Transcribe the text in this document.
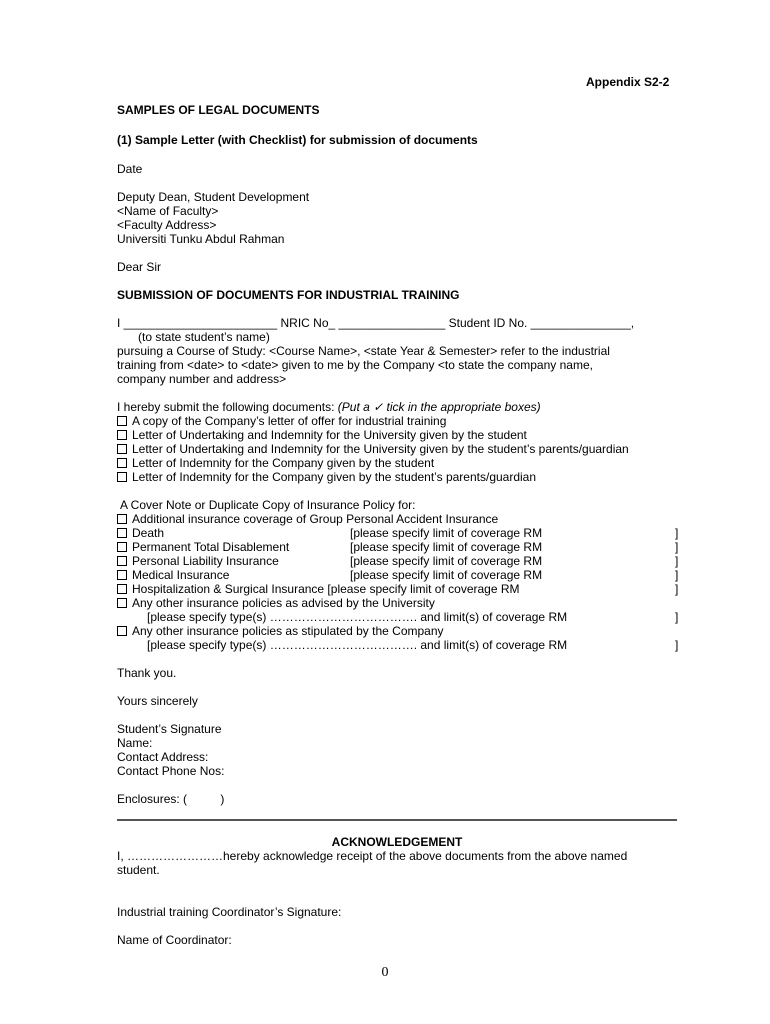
Appendix S2-2
SAMPLES OF LEGAL DOCUMENTS
(1) Sample Letter (with Checklist) for submission of documents
Date
Deputy Dean, Student Development
<Name of Faculty>
<Faculty Address>
Universiti Tunku Abdul Rahman
Dear Sir
SUBMISSION OF DOCUMENTS FOR INDUSTRIAL TRAINING
I _______________________ NRIC No_ ________________ Student ID No. _______________,
(to state student’s name)
pursuing a Course of Study: <Course Name>, <state Year & Semester> refer to the industrial
training from <date> to <date> given to me by the Company <to state the company name,
company number and address>
I hereby submit the following documents: (Put a ✓ tick in the appropriate boxes)
A copy of the Company’s letter of offer for industrial training
Letter of Undertaking and Indemnity for the University given by the student
Letter of Undertaking and Indemnity for the University given by the student’s parents/guardian
Letter of Indemnity for the Company given by the student
Letter of Indemnity for the Company given by the student’s parents/guardian
A Cover Note or Duplicate Copy of Insurance Policy for:
Additional insurance coverage of Group Personal Accident Insurance
Death	[please specify limit of coverage RM	]
Permanent Total Disablement	[please specify limit of coverage RM	]
Personal Liability Insurance	[please specify limit of coverage RM	]
Medical Insurance	[please specify limit of coverage RM	]
Hospitalization & Surgical Insurance [please specify limit of coverage RM	]
Any other insurance policies as advised by the University
[please specify type(s) ………………………………. and limit(s) of coverage RM	]
Any other insurance policies as stipulated by the Company
[please specify type(s) ………………………………. and limit(s) of coverage RM	]
Thank you.
Yours sincerely
Student’s Signature
Name:
Contact Address:
Contact Phone Nos:
Enclosures: (          )
ACKNOWLEDGEMENT
I, ……………………hereby acknowledge receipt of the above documents from the above named
student.
Industrial training Coordinator’s Signature:
Name of Coordinator:
0
